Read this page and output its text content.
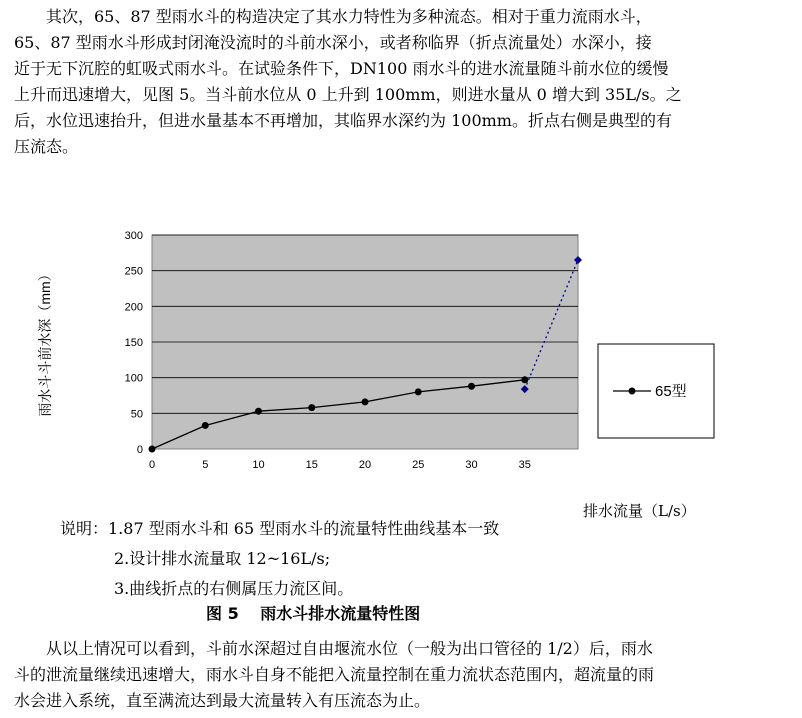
　　其次，65、87 型雨水斗的构造决定了其水力特性为多种流态。相对于重力流雨水斗，
65、87 型雨水斗形成封闭淹没流时的斗前水深小，或者称临界（折点流量处）水深小，接
近于无下沉腔的虹吸式雨水斗。在试验条件下，DN100 雨水斗的进水流量随斗前水位的缓慢
上升而迅速增大，见图 5。当斗前水位从 0 上升到 100mm，则进水量从 0 增大到 35L/s。之
后，水位迅速抬升，但进水量基本不再增加，其临界水深约为 100mm。折点右侧是典型的有
压流态。
0	5	10	15	20	25	30	35
0
50
100
150
200
250
300
雨水斗斗前水深（mm）	65型
排水流量（L/s）
说明：1.87 型雨水斗和 65 型雨水斗的流量特性曲线基本一致
2.设计排水流量取 12~16L/s;
3.曲线折点的右侧属压力流区间。
图 5　 雨水斗排水流量特性图
　　从以上情况可以看到，斗前水深超过自由堰流水位（一般为出口管径的 1/2）后，雨水
斗的泄流量继续迅速增大，雨水斗自身不能把入流量控制在重力流状态范围内，超流量的雨
水会进入系统，直至满流达到最大流量转入有压流态为止。
